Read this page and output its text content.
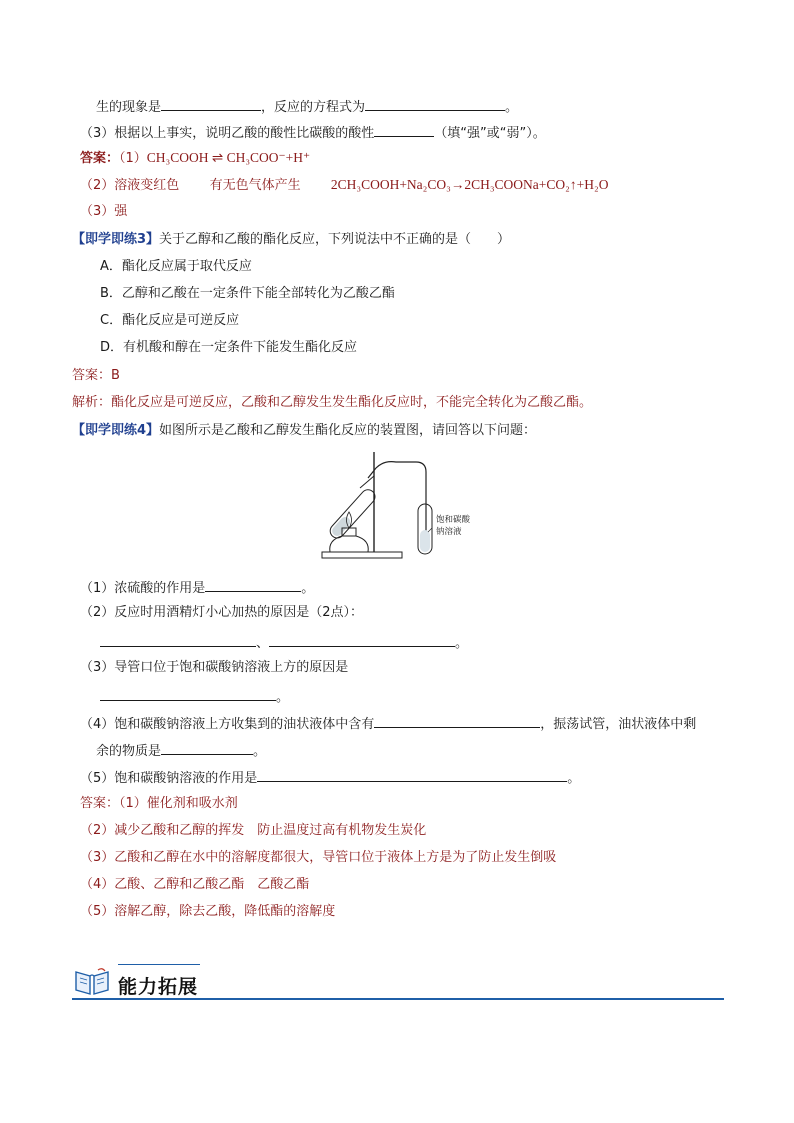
生的现象是	，反应的方程式为	。
（3）根据以上事实，说明乙酸的酸性比碳酸的酸性	（填“强”或“弱”）。
答案：（1）CH₃COOH ⇌ CH₃COO⁻+H⁺
（2）溶液变红色 有无色气体产生 2CH₃COOH+Na₂CO₃→2CH₃COONa+CO₂↑+H₂O
（3）强
【即学即练3】关于乙醇和乙酸的酯化反应，下列说法中不正确的是（　　）
A．酯化反应属于取代反应
B．乙醇和乙酸在一定条件下能全部转化为乙酸乙酯
C．酯化反应是可逆反应
D．有机酸和醇在一定条件下能发生酯化反应
答案：B
解析：酯化反应是可逆反应，乙酸和乙醇发生发生酯化反应时，不能完全转化为乙酸乙酯。
【即学即练4】如图所示是乙酸和乙醇发生酯化反应的装置图，请回答以下问题：
饱和碳酸
钠溶液
（1）浓硫酸的作用是	。
（2）反应时用酒精灯小心加热的原因是（2点）：
、	。
（3）导管口位于饱和碳酸钠溶液上方的原因是
。
（4）饱和碳酸钠溶液上方收集到的油状液体中含有	，振荡试管，油状液体中剩
余的物质是	。
（5）饱和碳酸钠溶液的作用是	。
答案：（1）催化剂和吸水剂
（2）减少乙酸和乙醇的挥发　防止温度过高有机物发生炭化
（3）乙酸和乙醇在水中的溶解度都很大，导管口位于液体上方是为了防止发生倒吸
（4）乙酸、乙醇和乙酸乙酯　乙酸乙酯
（5）溶解乙醇，除去乙酸，降低酯的溶解度
能力拓展
